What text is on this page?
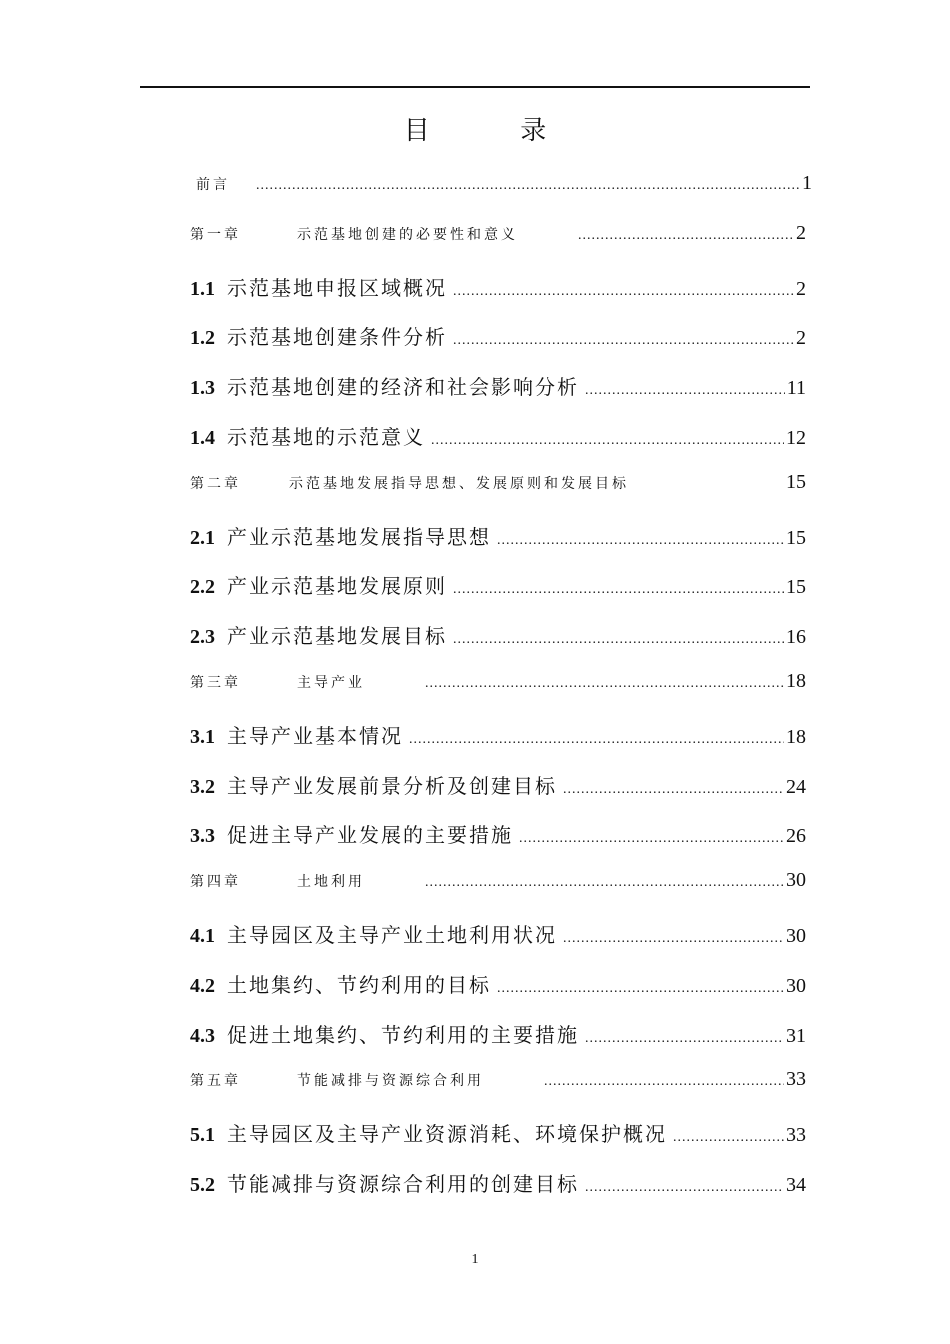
目 录
前言 .....	1
第一章	示范基地创建的必要性和意义 .....	2
1.1 示范基地申报区域概况 .....	2
1.2 示范基地创建条件分析 .....	2
1.3 示范基地创建的经济和社会影响分析 .....	11
1.4 示范基地的示范意义 .....	12
第二章	示范基地发展指导思想、发展原则和发展目标	15
2.1 产业示范基地发展指导思想 .....	15
2.2 产业示范基地发展原则 .....	15
2.3 产业示范基地发展目标 .....	16
第三章	主导产业 .....	18
3.1 主导产业基本情况 .....	18
3.2 主导产业发展前景分析及创建目标 .....	24
3.3 促进主导产业发展的主要措施 .....	26
第四章	土地利用 .....	30
4.1 主导园区及主导产业土地利用状况 .....	30
4.2 土地集约、节约利用的目标 .....	30
4.3 促进土地集约、节约利用的主要措施 .....	31
第五章	节能减排与资源综合利用 .....	33
5.1 主导园区及主导产业资源消耗、环境保护概况 .....	33
5.2 节能减排与资源综合利用的创建目标 .....	34
1
